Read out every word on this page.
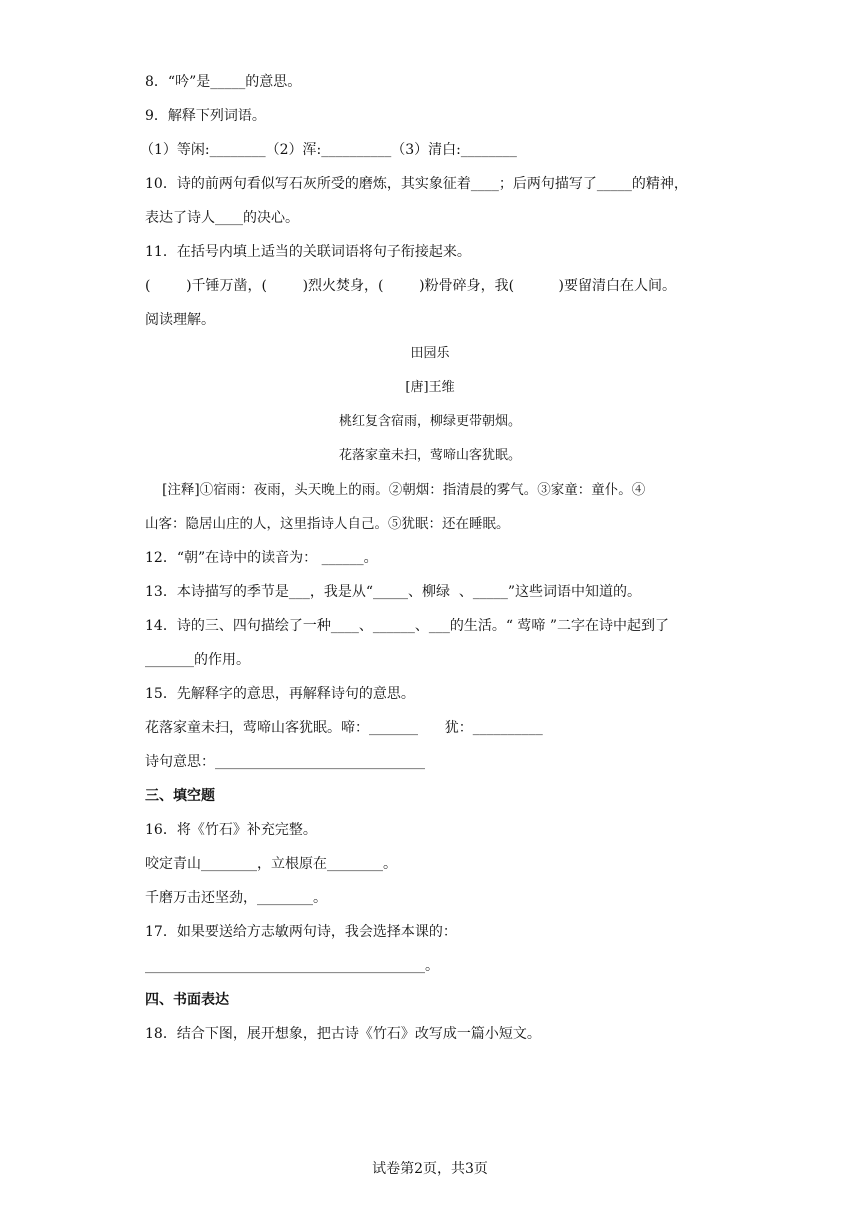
8．“吟”是_____的意思。
9．解释下列词语。
（1）等闲:________（2）浑:__________（3）清白:________
10．诗的前两句看似写石灰所受的磨炼，其实象征着____；后两句描写了_____的精神，
表达了诗人____的决心。
11．在括号内填上适当的关联词语将句子衔接起来。
(        )千锤万凿，(        )烈火焚身，(        )粉骨碎身，我(          )要留清白在人间。
阅读理解。
田园乐
[唐]王维
桃红复含宿雨，柳绿更带朝烟。
花落家童未扫，莺啼山客犹眠。
[注释]①宿雨：夜雨，头天晚上的雨。②朝烟：指清晨的雾气。③家童：童仆。④
山客：隐居山庄的人，这里指诗人自己。⑤犹眠：还在睡眠。
12．“朝”在诗中的读音为： ______。
13．本诗描写的季节是___，我是从“_____、柳绿  、_____”这些词语中知道的。
14．诗的三、四句描绘了一种____、______、___的生活。“ 莺啼 ”二字在诗中起到了
_______的作用。
15．先解释字的意思，再解释诗句的意思。
花落家童未扫，莺啼山客犹眠。啼：_______      犹：__________
诗句意思：______________________________
三、填空题
16．将《竹石》补充完整。
咬定青山________，立根原在________。
千磨万击还坚劲，________。
17．如果要送给方志敏两句诗，我会选择本课的：
________________________________________。
四、书面表达
18．结合下图，展开想象，把古诗《竹石》改写成一篇小短文。
试卷第2页，共3页
